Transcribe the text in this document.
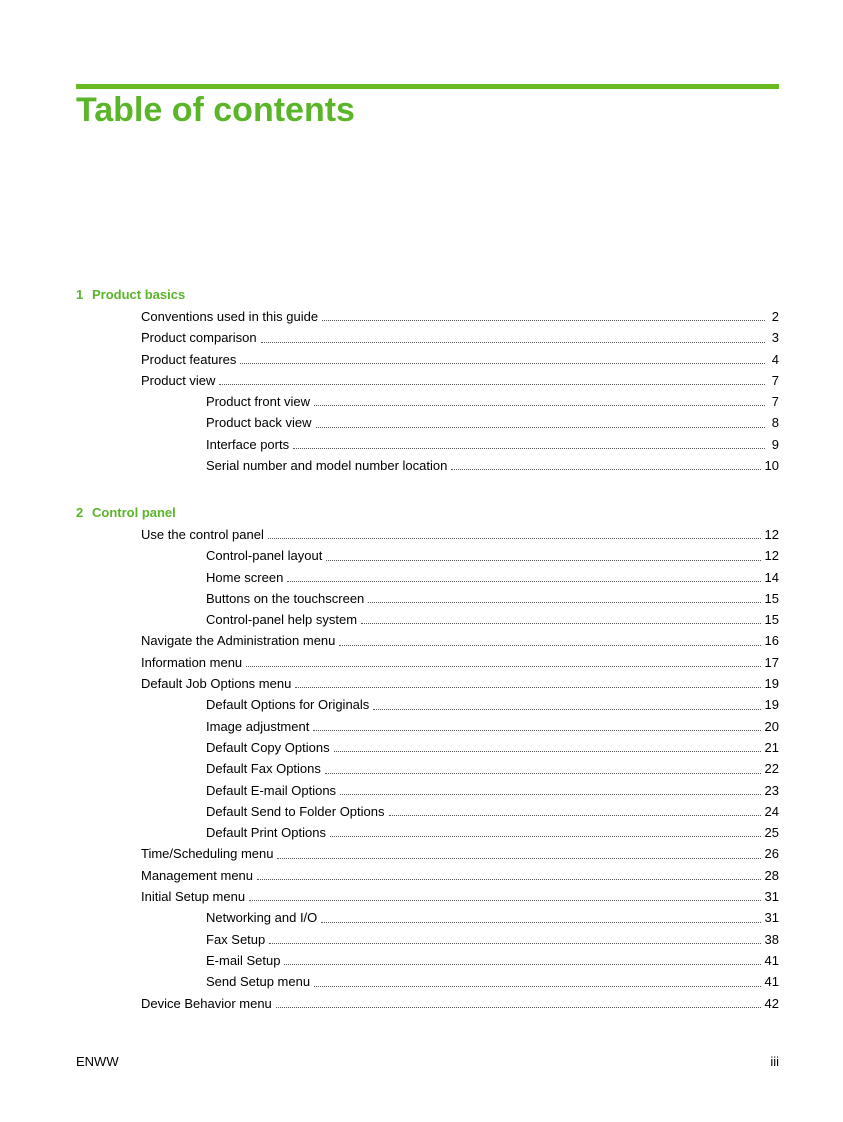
Table of contents
1 Product basics
Conventions used in this guide	2
Product comparison	3
Product features	4
Product view	7
Product front view	7
Product back view	8
Interface ports	9
Serial number and model number location	10
2 Control panel
Use the control panel	12
Control-panel layout	12
Home screen	14
Buttons on the touchscreen	15
Control-panel help system	15
Navigate the Administration menu	16
Information menu	17
Default Job Options menu	19
Default Options for Originals	19
Image adjustment	20
Default Copy Options	21
Default Fax Options	22
Default E-mail Options	23
Default Send to Folder Options	24
Default Print Options	25
Time/Scheduling menu	26
Management menu	28
Initial Setup menu	31
Networking and I/O	31
Fax Setup	38
E-mail Setup	41
Send Setup menu	41
Device Behavior menu	42
ENWW	iii
